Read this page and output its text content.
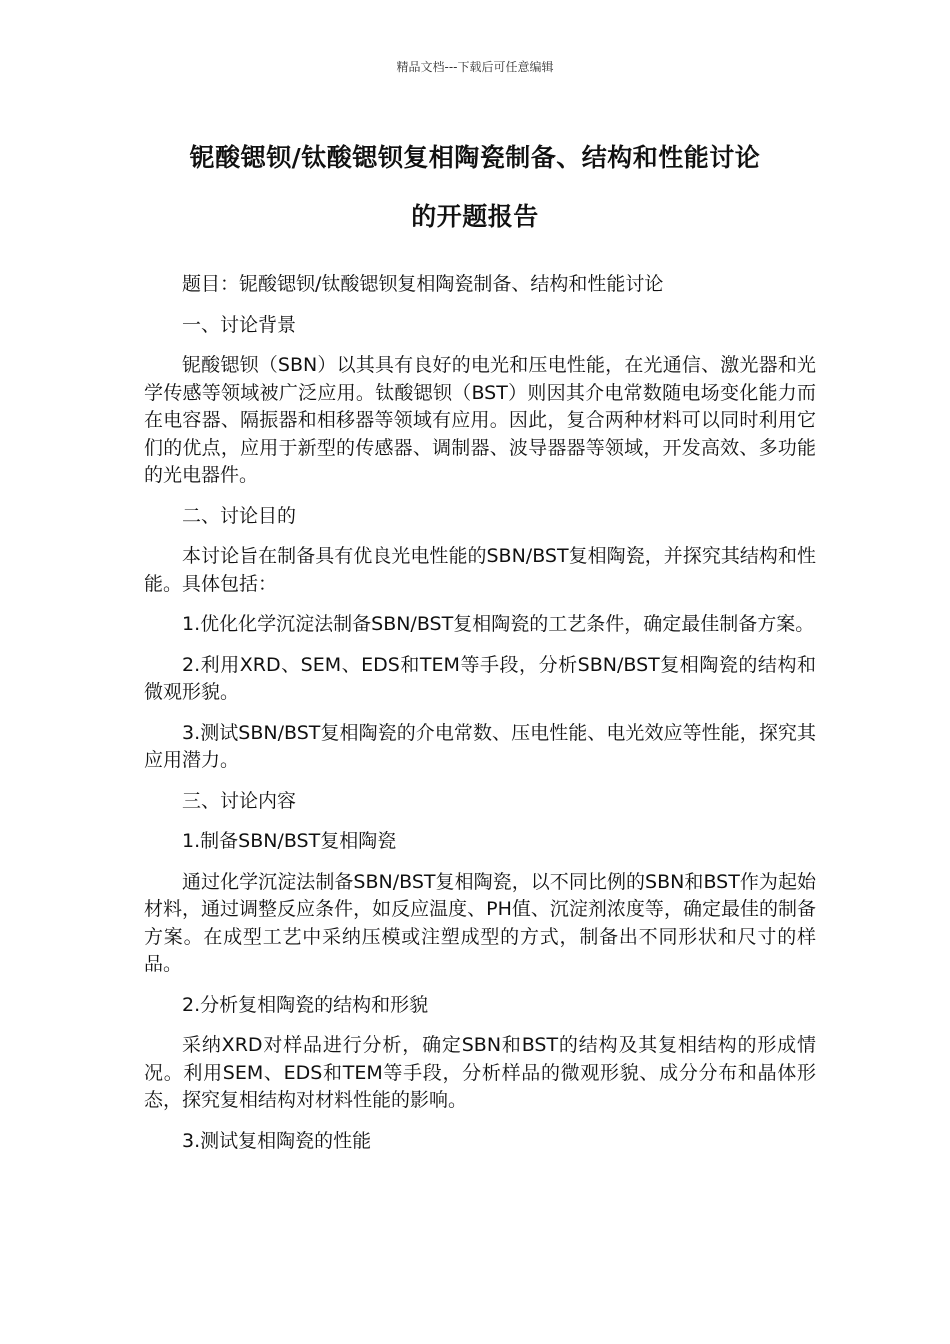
精品文档---下载后可任意编辑
铌酸锶钡/钛酸锶钡复相陶瓷制备、结构和性能讨论
的开题报告

题目：铌酸锶钡/钛酸锶钡复相陶瓷制备、结构和性能讨论

一、讨论背景

铌酸锶钡（SBN）以其具有良好的电光和压电性能，在光通信、激光器和光学传感等领域被广泛应用。钛酸锶钡（BST）则因其介电常数随电场变化能力而在电容器、隔振器和相移器等领域有应用。因此，复合两种材料可以同时利用它们的优点，应用于新型的传感器、调制器、波导器器等领域，开发高效、多功能的光电器件。

二、讨论目的

本讨论旨在制备具有优良光电性能的SBN/BST复相陶瓷，并探究其结构和性能。具体包括：

1.优化化学沉淀法制备SBN/BST复相陶瓷的工艺条件，确定最佳制备方案。

2.利用XRD、SEM、EDS和TEM等手段，分析SBN/BST复相陶瓷的结构和微观形貌。

3.测试SBN/BST复相陶瓷的介电常数、压电性能、电光效应等性能，探究其应用潜力。

三、讨论内容

1.制备SBN/BST复相陶瓷

通过化学沉淀法制备SBN/BST复相陶瓷，以不同比例的SBN和BST作为起始材料，通过调整反应条件，如反应温度、PH值、沉淀剂浓度等，确定最佳的制备方案。在成型工艺中采纳压模或注塑成型的方式，制备出不同形状和尺寸的样品。

2.分析复相陶瓷的结构和形貌

采纳XRD对样品进行分析，确定SBN和BST的结构及其复相结构的形成情况。利用SEM、EDS和TEM等手段，分析样品的微观形貌、成分分布和晶体形态，探究复相结构对材料性能的影响。

3.测试复相陶瓷的性能
